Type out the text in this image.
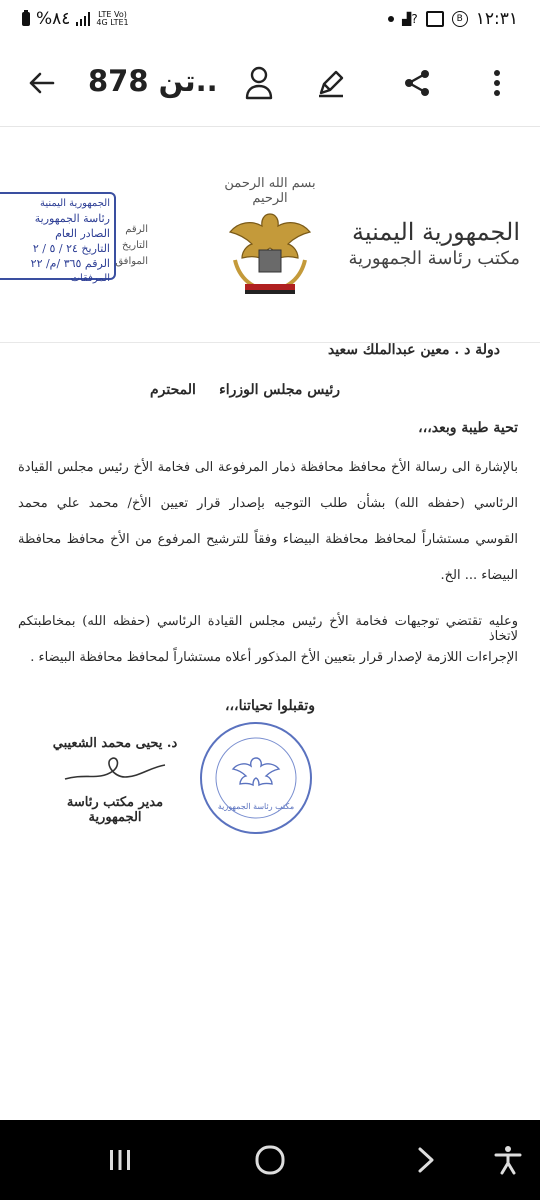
%٨٤	LTE Vo)
4G LTE1	▟?	B ١٢:٣١
878 تن..
بسم الله الرحمن الرحيم
الجمهورية اليمنية
رئاسة الجمهورية
الصادر العام
التاريخ ٢٤ / ٥ / ٢
الرقم ٣٦٥ /م/ ٢٢
المرفقات
الرقم
التاريخ
الموافق
الجمهورية اليمنية
مكتب رئاسة الجمهورية
دولة د . معين عبدالملك سعيد
رئيس مجلس الوزراء
المحترم
تحية طيبة وبعد،،،
بالإشارة الى رسالة الأخ محافظ محافظة ذمار المرفوعة الى فخامة الأخ رئيس مجلس القيادة
الرئاسي (حفظه الله) بشأن طلب التوجيه بإصدار قرار تعيين الأخ/ محمد علي محمد
القوسي مستشاراً لمحافظ محافظة البيضاء وفقاً للترشيح المرفوع من الأخ محافظ محافظة
البيضاء ... الخ.
وعليه تقتضي توجيهات فخامة الأخ رئيس مجلس القيادة الرئاسي (حفظه الله) بمخاطبتكم لاتخاذ
الإجراءات اللازمة لإصدار قرار بتعيين الأخ المذكور أعلاه مستشاراً لمحافظ محافظة البيضاء .
وتقبلوا تحياتنا،،،
د. يحيى محمد الشعيبي
مدير مكتب رئاسة الجمهورية
مكتب رئاسة الجمهورية
